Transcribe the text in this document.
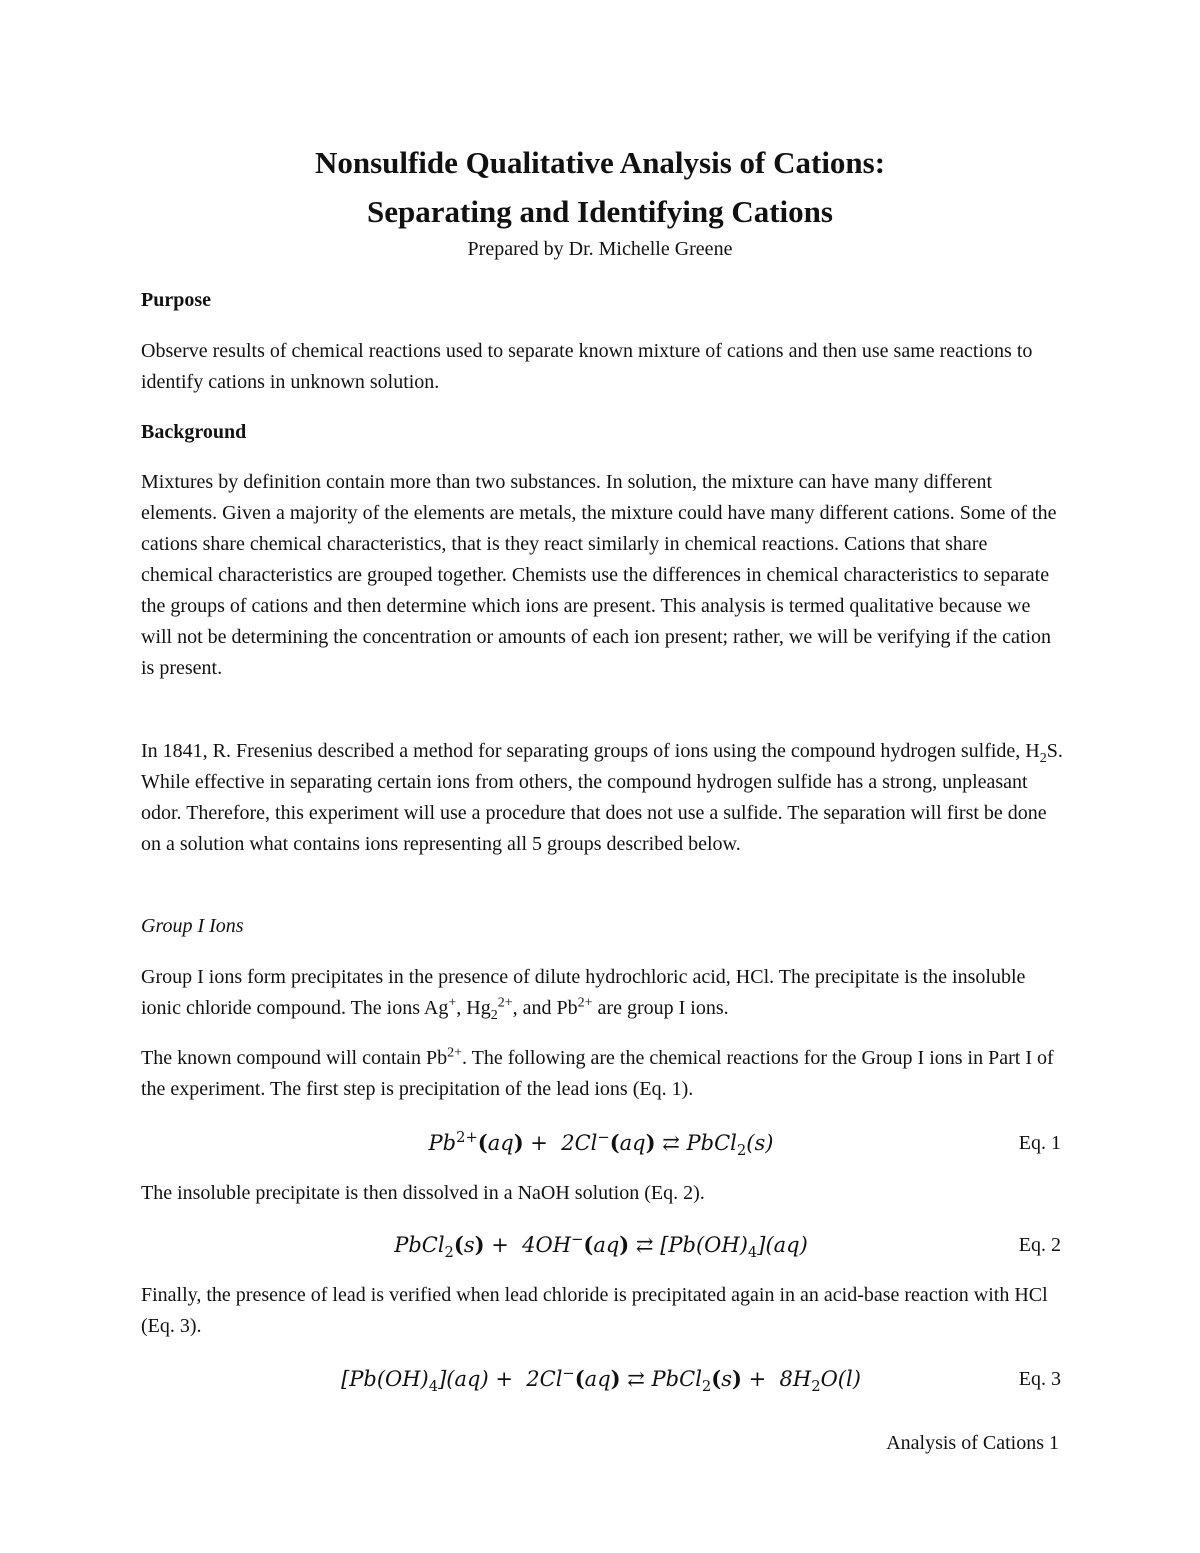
Nonsulfide Qualitative Analysis of Cations:
Separating and Identifying Cations
Prepared by Dr. Michelle Greene
Purpose

Observe results of chemical reactions used to separate known mixture of cations and then use same reactions to identify cations in unknown solution.

Background

Mixtures by definition contain more than two substances. In solution, the mixture can have many different elements. Given a majority of the elements are metals, the mixture could have many different cations. Some of the cations share chemical characteristics, that is they react similarly in chemical reactions. Cations that share chemical characteristics are grouped together. Chemists use the differences in chemical characteristics to separate the groups of cations and then determine which ions are present. This analysis is termed qualitative because we will not be determining the concentration or amounts of each ion present; rather, we will be verifying if the cation is present.

In 1841, R. Fresenius described a method for separating groups of ions using the compound hydrogen sulfide, $H_2S$. While effective in separating certain ions from others, the compound hydrogen sulfide has a strong, unpleasant odor. Therefore, this experiment will use a procedure that does not use a sulfide. The separation will first be done on a solution what contains ions representing all 5 groups described below.

Group I Ions

Group I ions form precipitates in the presence of dilute hydrochloric acid, HCl. The precipitate is the insoluble ionic chloride compound. The ions Ag+, $Hg_2^{2+}$, and $Pb^{2+}$ are group I ions.

The known compound will contain $Pb^{2+}$. The following are the chemical reactions for the Group I ions in Part I of the experiment. The first step is precipitation of the lead ions (Eq. 1).

$Pb^{2+}(aq) + 2Cl^-(aq)$ ⇄ PbCl$_2$(s)	Eq. 1

The insoluble precipitate is then dissolved in a NaOH solution (Eq. 2).

PbCl$_2$(s) +  4OH−(aq) ⇄ $[Pb(OH)_4](aq)$	Eq. 2

Finally, the presence of lead is verified when lead chloride is precipitated again in an acid-base reaction with HCl (Eq. 3).

$[Pb(OH)_4](aq) + 2Cl^-(aq)$ ⇄ PbCl$_2$(s) +  $8H_2O(l)$	Eq. 3
Analysis of Cations 1
